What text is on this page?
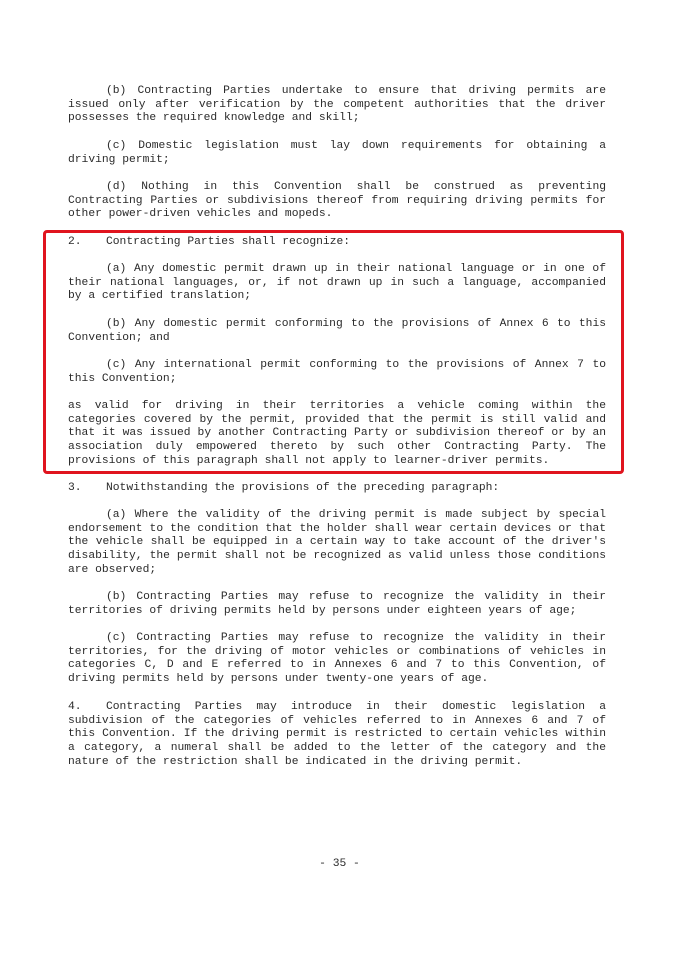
(b) Contracting Parties undertake to ensure that driving permits are issued only after verification by the competent authorities that the driver possesses the required knowledge and skill;
(c) Domestic legislation must lay down requirements for obtaining a driving permit;
(d) Nothing in this Convention shall be construed as preventing Contracting Parties or subdivisions thereof from requiring driving permits for other power-driven vehicles and mopeds.
2. Contracting Parties shall recognize:
(a) Any domestic permit drawn up in their national language or in one of their national languages, or, if not drawn up in such a language, accompanied by a certified translation;
(b) Any domestic permit conforming to the provisions of Annex 6 to this Convention; and
(c) Any international permit conforming to the provisions of Annex 7 to this Convention;
as valid for driving in their territories a vehicle coming within the categories covered by the permit, provided that the permit is still valid and that it was issued by another Contracting Party or subdivision thereof or by an association duly empowered thereto by such other Contracting Party. The provisions of this paragraph shall not apply to learner-driver permits.
3. Notwithstanding the provisions of the preceding paragraph:
(a) Where the validity of the driving permit is made subject by special endorsement to the condition that the holder shall wear certain devices or that the vehicle shall be equipped in a certain way to take account of the driver's disability, the permit shall not be recognized as valid unless those conditions are observed;
(b) Contracting Parties may refuse to recognize the validity in their territories of driving permits held by persons under eighteen years of age;
(c) Contracting Parties may refuse to recognize the validity in their territories, for the driving of motor vehicles or combinations of vehicles in categories C, D and E referred to in Annexes 6 and 7 to this Convention, of driving permits held by persons under twenty-one years of age.
4. Contracting Parties may introduce in their domestic legislation a subdivision of the categories of vehicles referred to in Annexes 6 and 7 of this Convention. If the driving permit is restricted to certain vehicles within a category, a numeral shall be added to the letter of the category and the nature of the restriction shall be indicated in the driving permit.
- 35 -
